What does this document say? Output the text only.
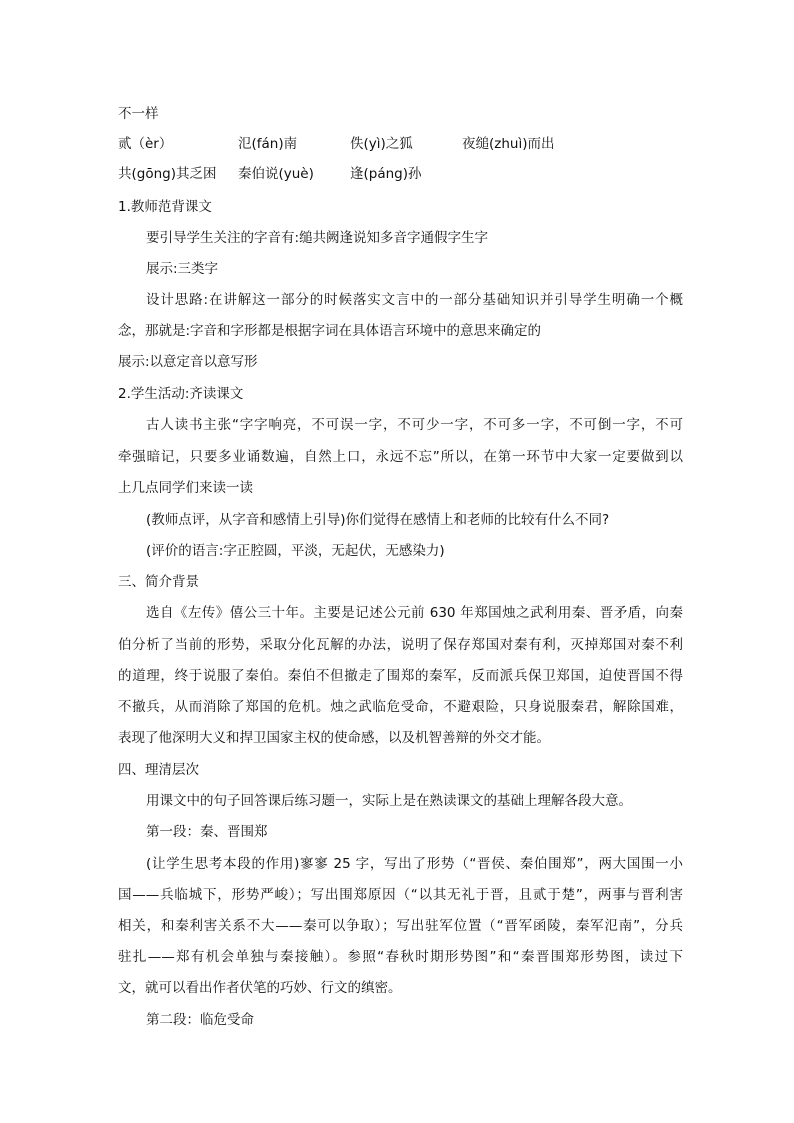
不一样
贰（èr）	氾(fán)南	佚(yì)之狐	夜缒(zhuì)而出
共(gōng)其乏困 秦伯说(yuè)	逢(páng)孙
1.教师范背课文
要引导学生关注的字音有:缒共阙逢说知多音字通假字生字
展示:三类字
设计思路:在讲解这一部分的时候落实文言中的一部分基础知识并引导学生明确一个概
念，那就是:字音和字形都是根据字词在具体语言环境中的意思来确定的
展示:以意定音以意写形
2.学生活动:齐读课文
古人读书主张“字字响亮，不可误一字，不可少一字，不可多一字，不可倒一字，不可
牵强暗记，只要多业诵数遍，自然上口，永远不忘”所以，在第一环节中大家一定要做到以
上几点同学们来读一读
(教师点评，从字音和感情上引导)你们觉得在感情上和老师的比较有什么不同?
(评价的语言:字正腔圆，平淡，无起伏，无感染力)
三、简介背景
选自《左传》僖公三十年。主要是记述公元前 630 年郑国烛之武利用秦、晋矛盾，向秦
伯分析了当前的形势，采取分化瓦解的办法，说明了保存郑国对秦有利，灭掉郑国对秦不利
的道理，终于说服了秦伯。秦伯不但撤走了围郑的秦军，反而派兵保卫郑国，迫使晋国不得
不撤兵，从而消除了郑国的危机。烛之武临危受命，不避艰险，只身说服秦君，解除国难，
表现了他深明大义和捍卫国家主权的使命感，以及机智善辩的外交才能。
四、理清层次
用课文中的句子回答课后练习题一，实际上是在熟读课文的基础上理解各段大意。
第一段：秦、晋围郑
(让学生思考本段的作用)寥寥 25 字，写出了形势（“晋侯、秦伯围郑”，两大国围一小
国——兵临城下，形势严峻）；写出围郑原因（“以其无礼于晋，且贰于楚”，两事与晋利害
相关，和秦利害关系不大——秦可以争取）；写出驻军位置（“晋军函陵，秦军氾南”，分兵
驻扎——郑有机会单独与秦接触）。参照“春秋时期形势图”和“秦晋围郑形势图，读过下
文，就可以看出作者伏笔的巧妙、行文的缜密。
第二段：临危受命
